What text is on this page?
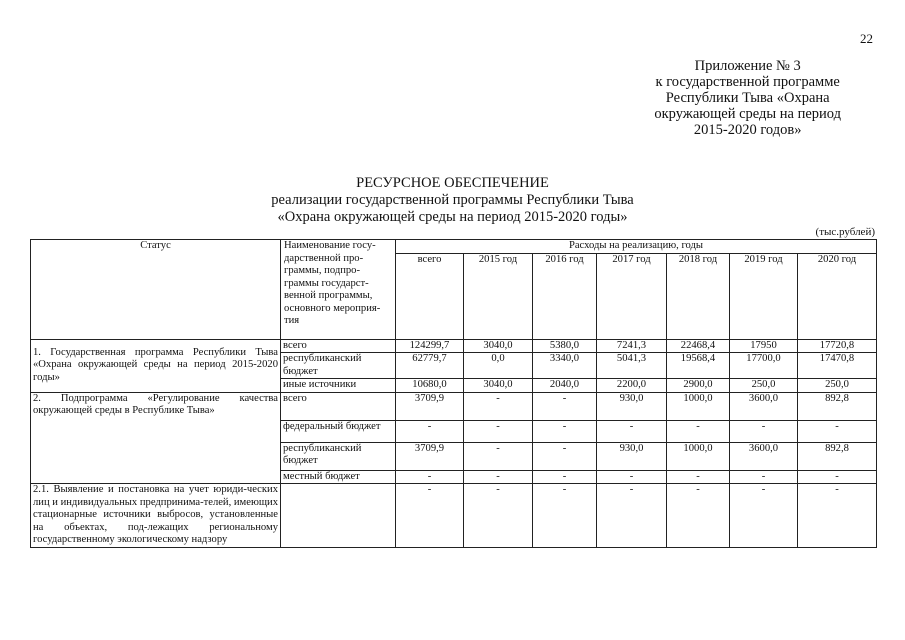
22
Приложение № 3
к государственной программе
Республики Тыва «Охрана
окружающей среды на период
2015-2020 годов»
РЕСУРСНОЕ ОБЕСПЕЧЕНИЕ
реализации государственной программы Республики Тыва
«Охрана окружающей среды на период 2015-2020 годы»
(тыс.рублей)
Статус	Наименование госу-дарственной про-граммы, подпро-граммы государст-венной программы, основного мероприя-тия	Расходы на реализацию, годы						
		всего	2015 год	2016 год	2017 год	2018 год	2019 год	2020 год
1. Государственная программа Республики Тыва «Охрана окружающей среды на период 2015-2020 годы»	всего	124299,7	3040,0	5380,0	7241,3	22468,4	17950	17720,8
	республиканский бюджет	62779,7	0,0	3340,0	5041,3	19568,4	17700,0	17470,8
	иные источники	10680,0	3040,0	2040,0	2200,0	2900,0	250,0	250,0
2. Подпрограмма «Регулирование качества окружающей среды в Республике Тыва»	всего	3709,9	-	-	930,0	1000,0	3600,0	892,8
	федеральный бюджет	-	-	-	-	-	-	-
	республиканский бюджет	3709,9	-	-	930,0	1000,0	3600,0	892,8
	местный бюджет	-	-	-	-	-	-	-
2.1. Выявление и постановка на учет юриди-ческих лиц и индивидуальных предпринима-телей, имеющих стационарные источники выбросов, установленные на объектах, под-лежащих региональному государственному экологическому надзору		-	-	-	-	-	-	-
